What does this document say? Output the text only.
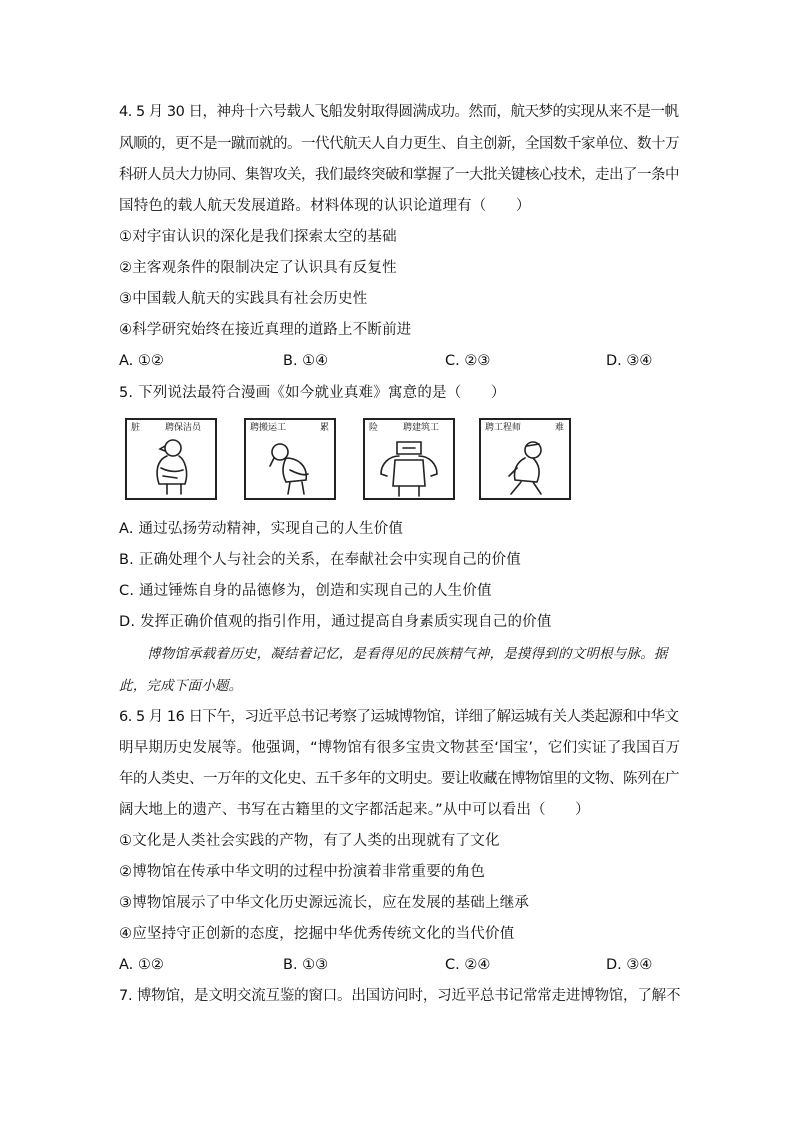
4. 5 月 30 日，神舟十六号载人飞船发射取得圆满成功。然而，航天梦的实现从来不是一帆
风顺的，更不是一蹴而就的。一代代航天人自力更生、自主创新，全国数千家单位、数十万
科研人员大力协同、集智攻关，我们最终突破和掌握了一大批关键核心技术，走出了一条中
国特色的载人航天发展道路。材料体现的认识论道理有（　　）
①对宇宙认识的深化是我们探索太空的基础
②主客观条件的限制决定了认识具有反复性
③中国载人航天的实践具有社会历史性
④科学研究始终在接近真理的道路上不断前进
A. ①②	B. ①④	C. ②③	D. ③④
5. 下列说法最符合漫画《如今就业真难》寓意的是（　　）
脏	聘保洁员	聘搬运工	累	险	聘建筑工	聘工程师	难
A. 通过弘扬劳动精神，实现自己的人生价值
B. 正确处理个人与社会的关系，在奉献社会中实现自己的价值
C. 通过锤炼自身的品德修为，创造和实现自己的人生价值
D. 发挥正确价值观的指引作用，通过提高自身素质实现自己的价值
博物馆承载着历史，凝结着记忆，是看得见的民族精气神，是摸得到的文明根与脉。据
此，完成下面小题。
6. 5 月 16 日下午，习近平总书记考察了运城博物馆，详细了解运城有关人类起源和中华文
明早期历史发展等。他强调，“博物馆有很多宝贵文物甚至‘国宝’，它们实证了我国百万
年的人类史、一万年的文化史、五千多年的文明史。要让收藏在博物馆里的文物、陈列在广
阔大地上的遗产、书写在古籍里的文字都活起来。”从中可以看出（　　）
①文化是人类社会实践的产物，有了人类的出现就有了文化
②博物馆在传承中华文明的过程中扮演着非常重要的角色
③博物馆展示了中华文化历史源远流长，应在发展的基础上继承
④应坚持守正创新的态度，挖掘中华优秀传统文化的当代价值
A. ①②	B. ①③	C. ②④	D. ③④
7. 博物馆，是文明交流互鉴的窗口。出国访问时，习近平总书记常常走进博物馆，了解不
